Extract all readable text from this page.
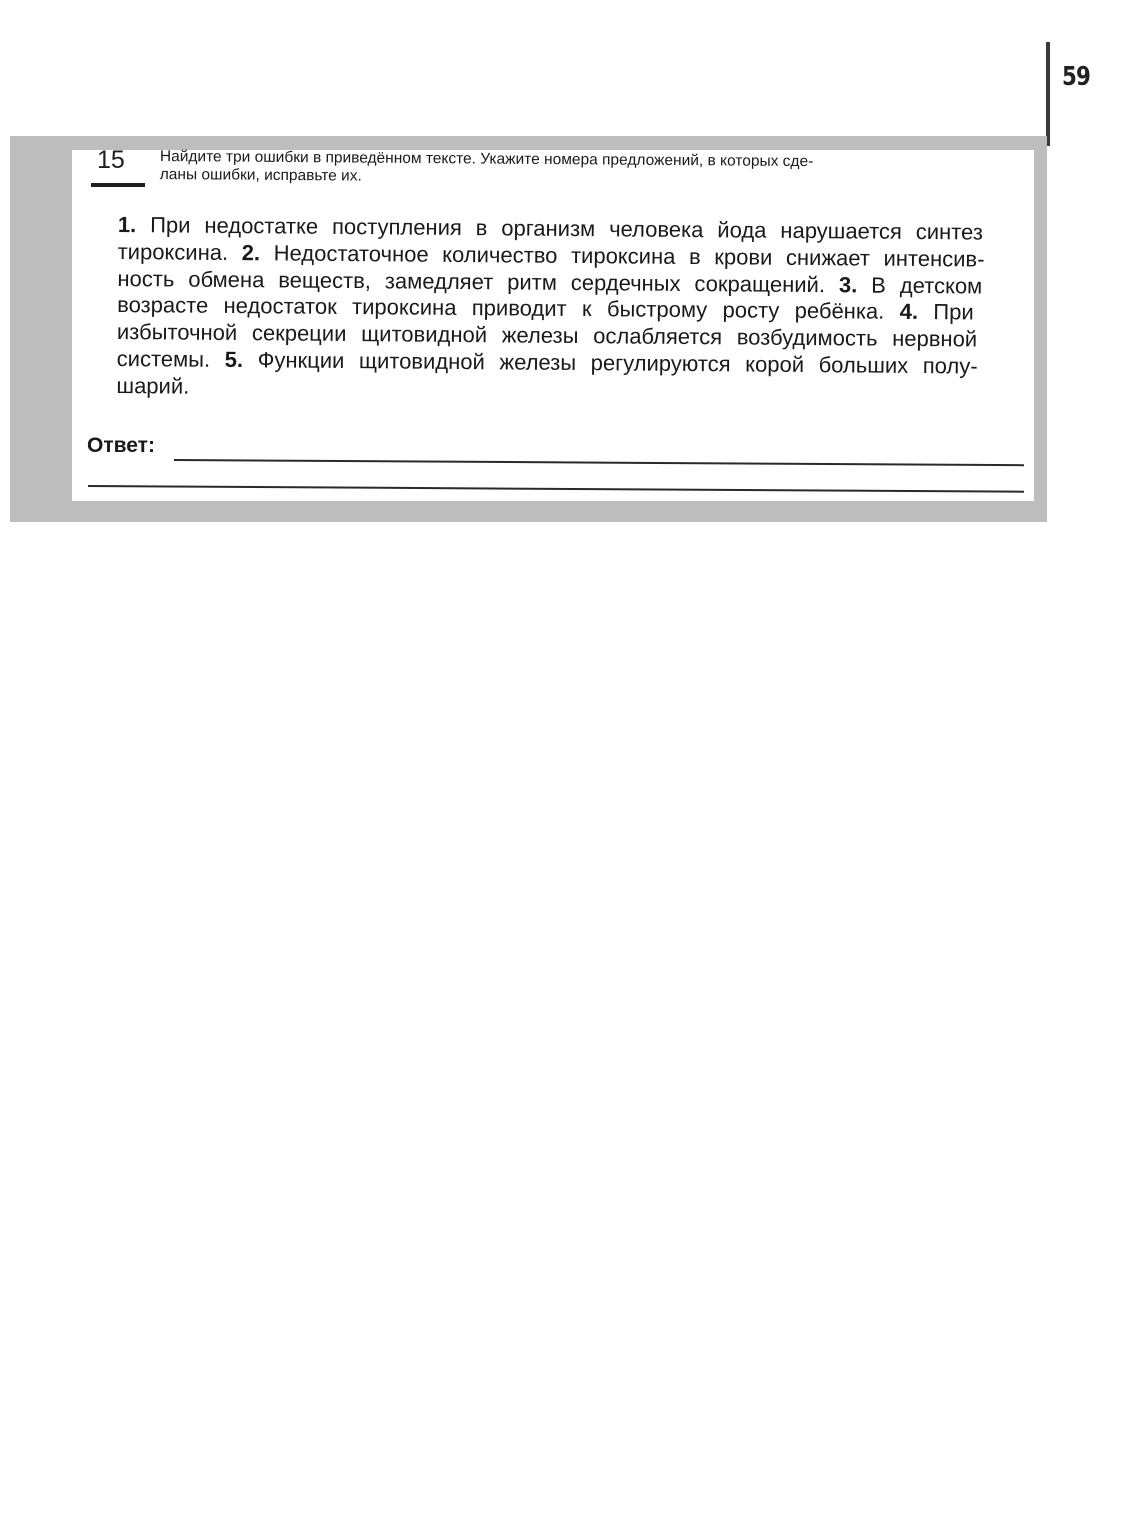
59
15 Найдите три ошибки в приведённом тексте. Укажите номера предложений, в которых сде-
ланы ошибки, исправьте их.
1. При недостатке поступления в организм человека йода нарушается синтез
тироксина. 2. Недостаточное количество тироксина в крови снижает интенсив-
ность обмена веществ, замедляет ритм сердечных сокращений. 3. В детском
возрасте недостаток тироксина приводит к быстрому росту ребёнка. 4. При
избыточной секреции щитовидной железы ослабляется возбудимость нервной
системы. 5. Функции щитовидной железы регулируются корой больших полу-
шарий.
Ответ:
